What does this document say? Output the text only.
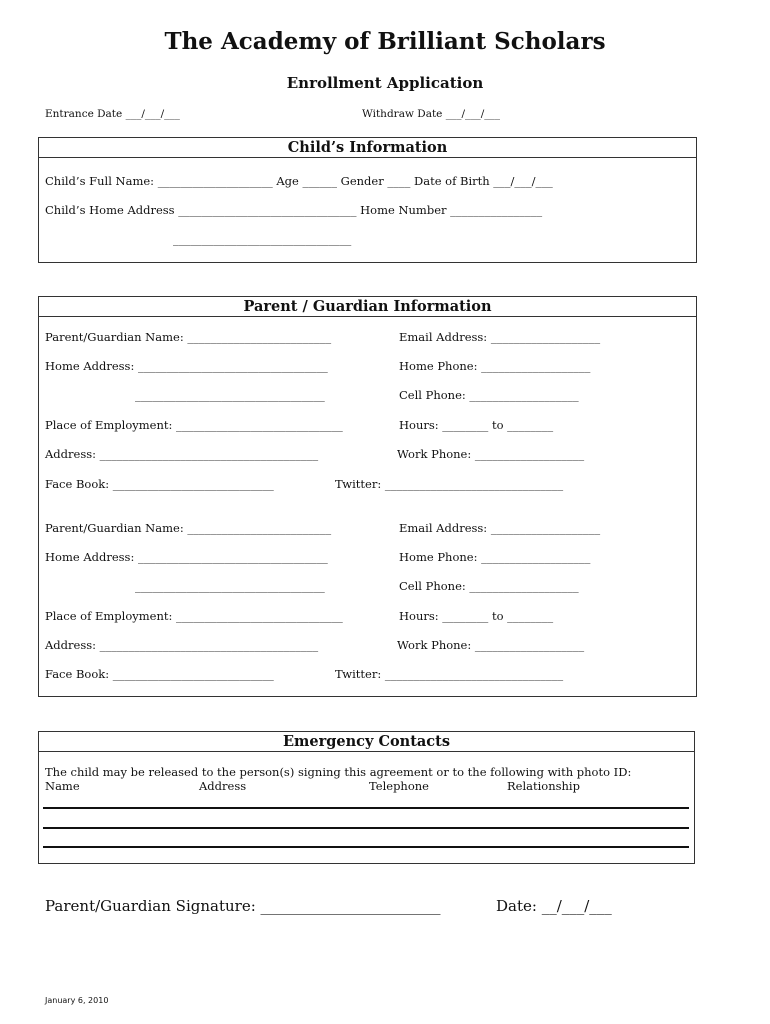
The Academy of Brilliant Scholars
Enrollment Application
Entrance Date ___/___/___	Withdraw Date ___/___/___
Child’s Information
Child’s Full Name: ____________________ Age ______ Gender ____ Date of Birth ___/___/___
Child’s Home Address _______________________________ Home Number ________________
_______________________________
Parent / Guardian Information
Parent/Guardian Name: _________________________	Email Address: ___________________
Home Address: _________________________________	Home Phone: ___________________
_________________________________	Cell Phone: ___________________
Place of Employment: _____________________________	Hours: ________ to ________
Address: ______________________________________	Work Phone: ___________________
Face Book: ____________________________	Twitter: _______________________________
Parent/Guardian Name: _________________________	Email Address: ___________________
Home Address: _________________________________	Home Phone: ___________________
_________________________________	Cell Phone: ___________________
Place of Employment: _____________________________	Hours: ________ to ________
Address: ______________________________________	Work Phone: ___________________
Face Book: ____________________________	Twitter: _______________________________
Emergency Contacts
The child may be released to the person(s) signing this agreement or to the following with photo ID:
Name	Address	Telephone	Relationship
Parent/Guardian Signature: ________________________	Date: __/___/___
January 6, 2010
